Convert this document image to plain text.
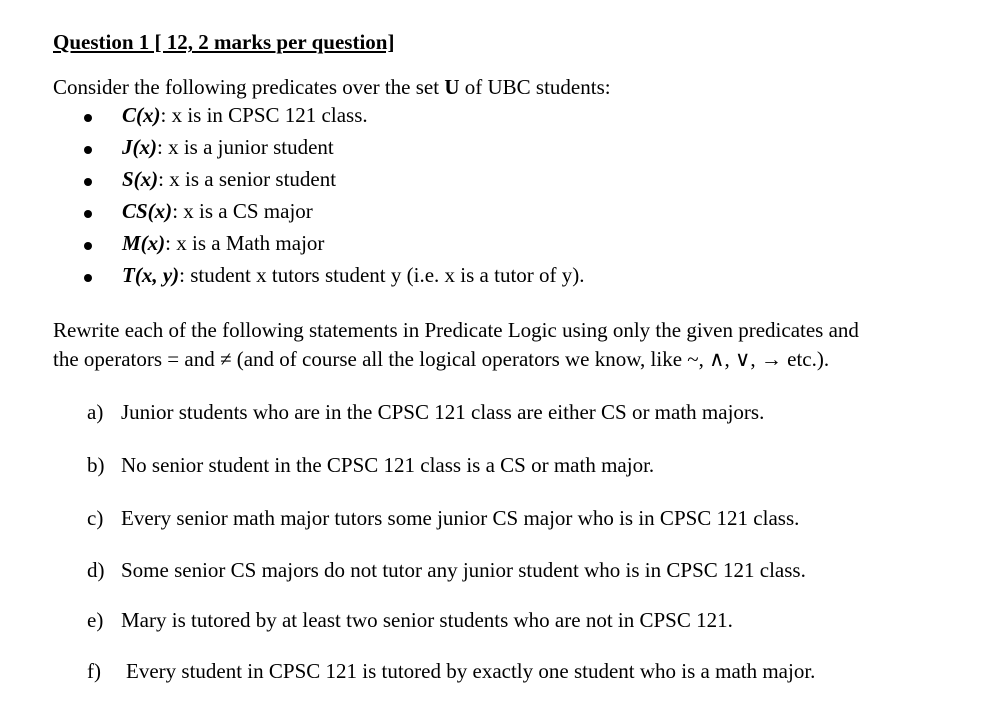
Question 1 [ 12, 2 marks per question]
Consider the following predicates over the set U of UBC students:
C(x): x is in CPSC 121 class.
J(x): x is a junior student
S(x): x is a senior student
CS(x): x is a CS major
M(x): x is a Math major
T(x, y): student x tutors student y (i.e. x is a tutor of y).
Rewrite each of the following statements in Predicate Logic using only the given predicates and
the operators = and ≠ (and of course all the logical operators we know, like ~, ∧, ∨, → etc.).
a) Junior students who are in the CPSC 121 class are either CS or math majors.
b) No senior student in the CPSC 121 class is a CS or math major.
c) Every senior math major tutors some junior CS major who is in CPSC 121 class.
d) Some senior CS majors do not tutor any junior student who is in CPSC 121 class.
e) Mary is tutored by at least two senior students who are not in CPSC 121.
f) Every student in CPSC 121 is tutored by exactly one student who is a math major.
